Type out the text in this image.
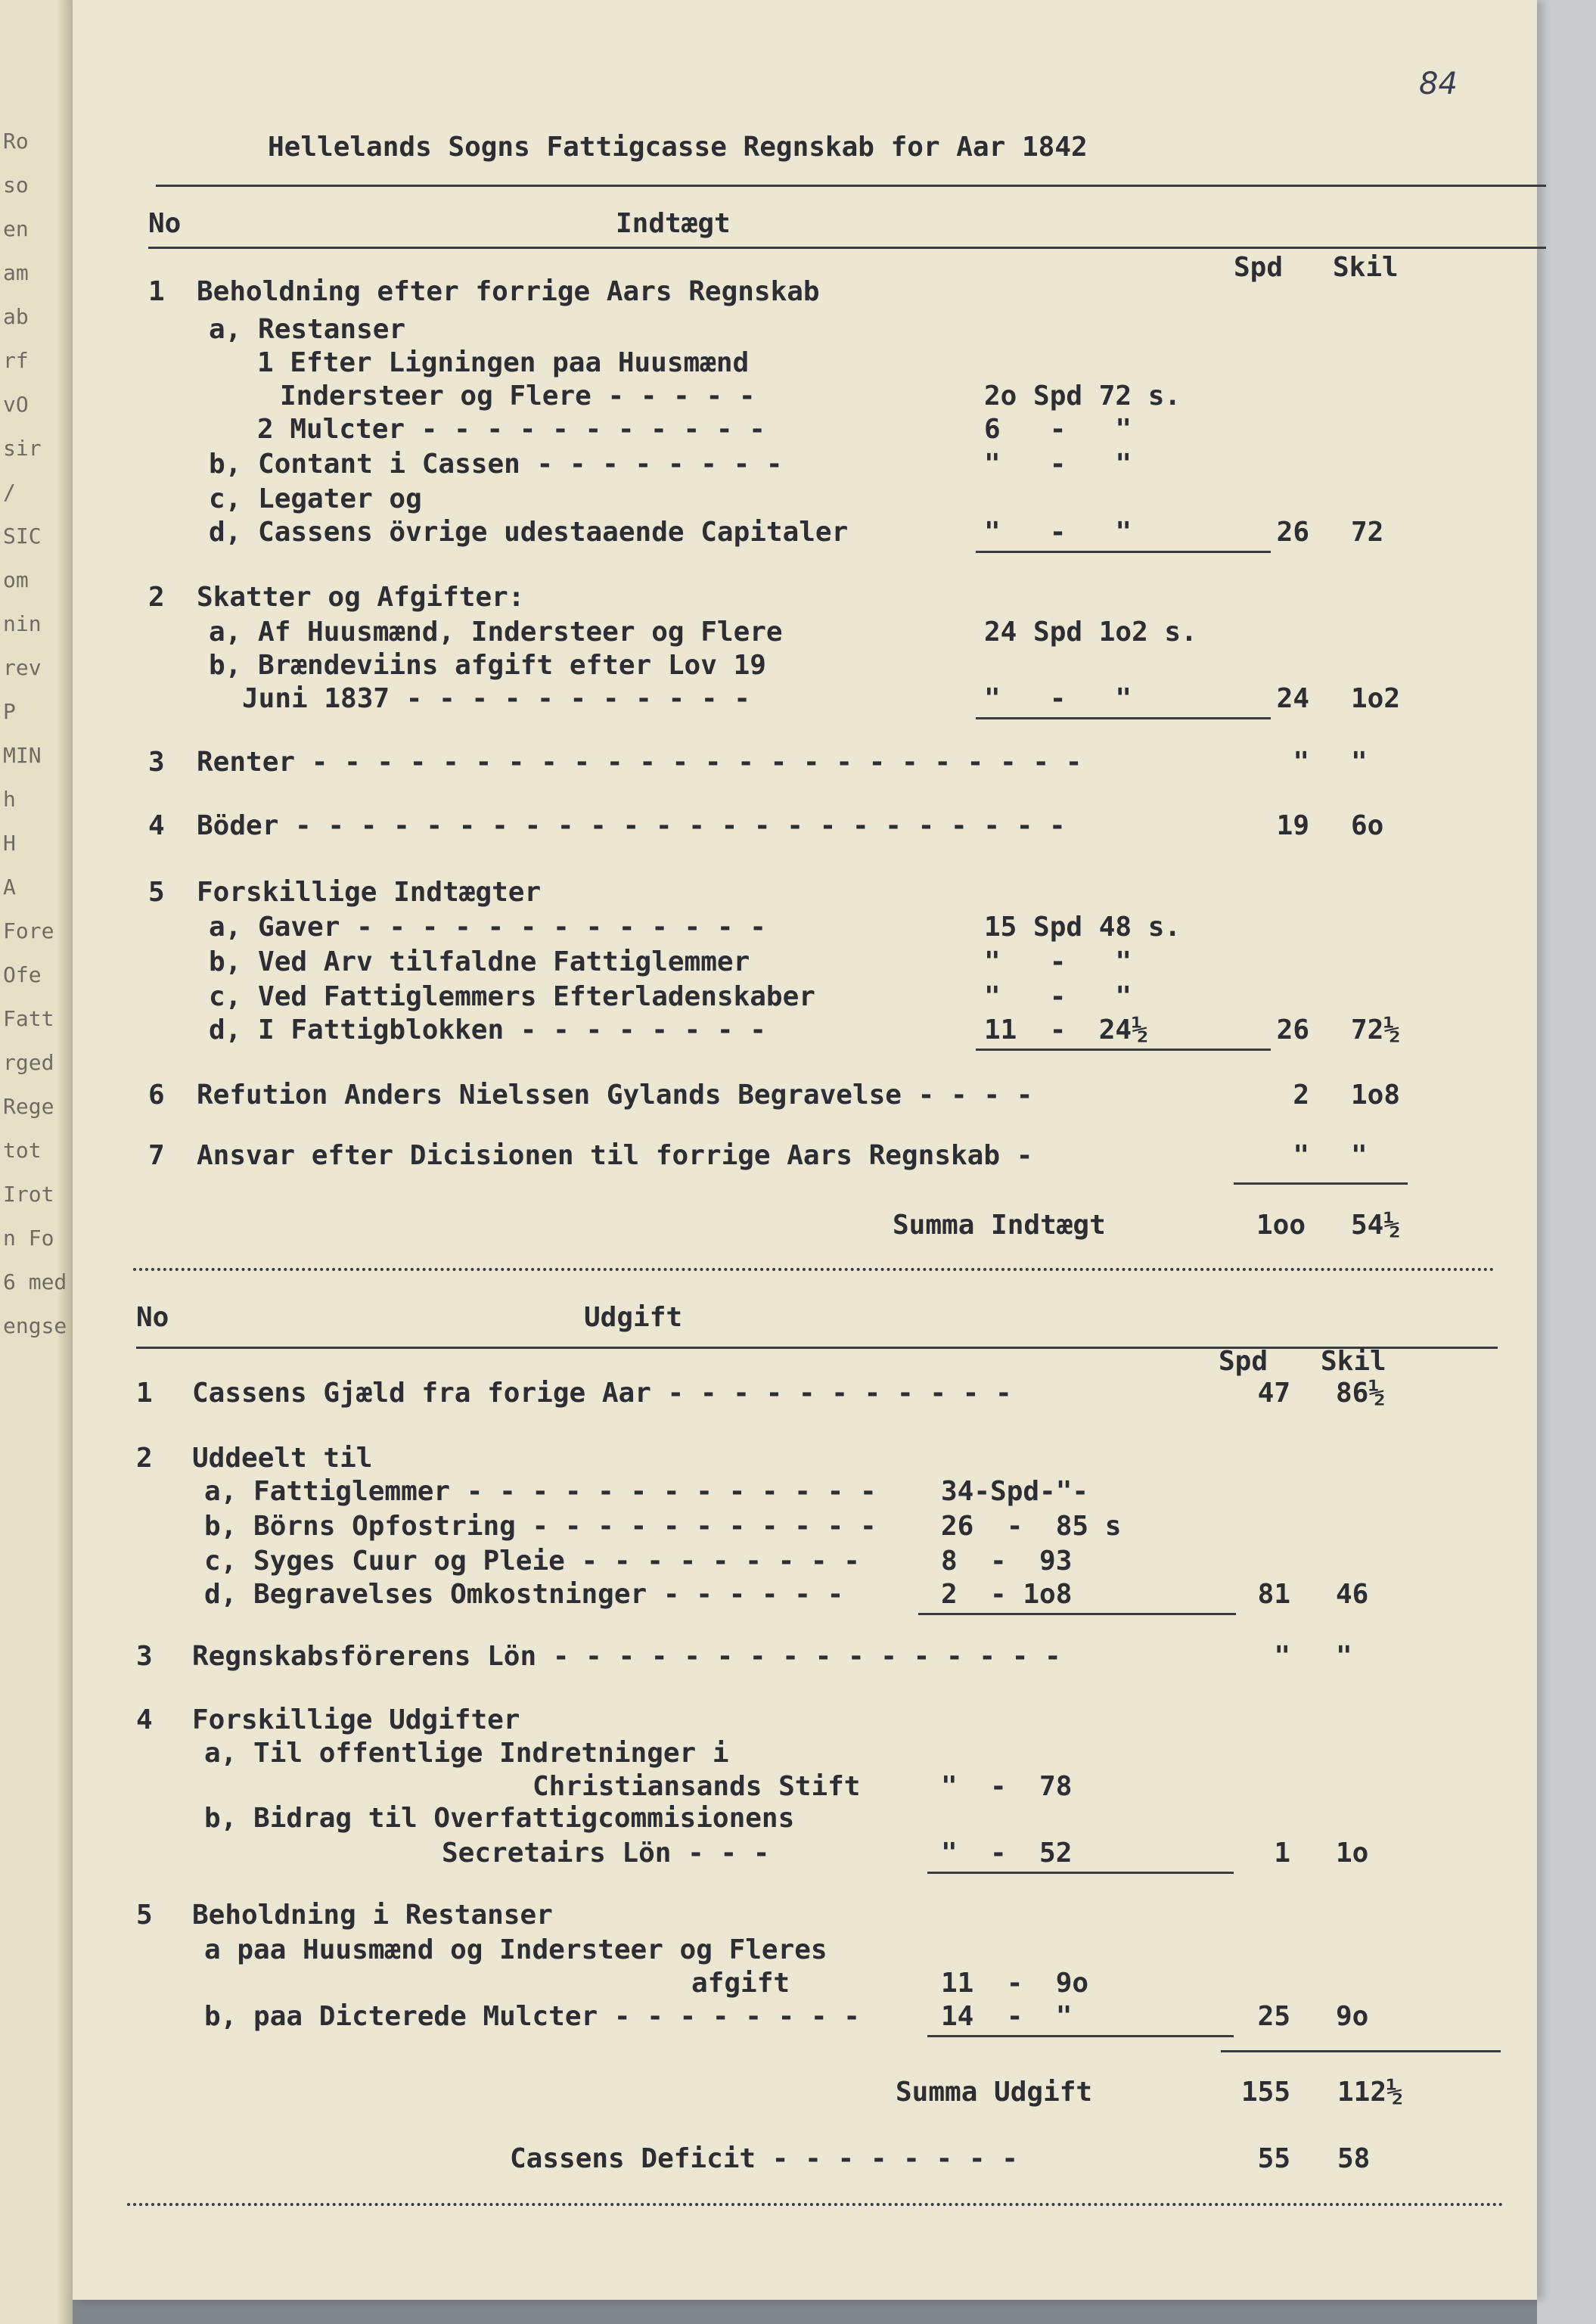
Ro
so
en
am
ab
rf
vO
sir
/
SIC
om
nin
rev
P
MIN
h
H
A
Fore
Ofe
Fatt
rged
Rege
tot
Irot
n Fo
6 med
engse
84
Hellelands Sogns Fattigcasse Regnskab for Aar 1842
No	Indtægt
Spd Skil
1 Beholdning efter forrige Aars Regnskab
a, Restanser
1 Efter Ligningen paa Huusmænd
Indersteer og Flere - - - - -	2o Spd 72 s.
2 Mulcter - - - - - - - - - - -	6   -   "
b, Contant i Cassen - - - - - - - -	"   -   "
c, Legater og
d, Cassens övrige udestaaende Capitaler	"   -   "	26 72
2 Skatter og Afgifter:
a, Af Huusmænd, Indersteer og Flere	24 Spd 1o2 s.
b, Brændeviins afgift efter Lov 19
Juni 1837 - - - - - - - - - - -	"   -   "	24 1o2
3 Renter - - - - - - - - - - - - - - - - - - - - - - - -	" "
4 Böder - - - - - - - - - - - - - - - - - - - - - - - -	19 6o
5 Forskillige Indtægter
a, Gaver - - - - - - - - - - - - -	15 Spd 48 s.
b, Ved Arv tilfaldne Fattiglemmer	"   -   "
c, Ved Fattiglemmers Efterladenskaber	"   -   "
d, I Fattigblokken - - - - - - - -	11  -  24½	26 72½
6 Refution Anders Nielssen Gylands Begravelse - - - -	2 1o8
7 Ansvar efter Dicisionen til forrige Aars Regnskab -	" "
Summa Indtægt	1oo 54½
No	Udgift
Spd Skil
1 Cassens Gjæld fra forige Aar - - - - - - - - - - -	47 86½
2 Uddeelt til
a, Fattiglemmer - - - - - - - - - - - - - 34-Spd-"-
b, Börns Opfostring - - - - - - - - - - - 26  -  85 s
c, Syges Cuur og Pleie - - - - - - - - -	8  -  93
d, Begravelses Omkostninger - - - - - -	2  - 1o8	81 46
3 Regnskabsförerens Lön - - - - - - - - - - - - - - - -	" "
4 Forskillige Udgifter
a, Til offentlige Indretninger i
Christiansands Stift	"  -  78
b, Bidrag til Overfattigcommisionens
Secretairs Lön - - -	"  -  52	1 1o
5 Beholdning i Restanser
a paa Huusmænd og Indersteer og Fleres
afgift	11  -  9o
b, paa Dicterede Mulcter - - - - - - - -	14  -  "	25 9o
Summa Udgift	155 112½
Cassens Deficit - - - - - - - -	55 58
